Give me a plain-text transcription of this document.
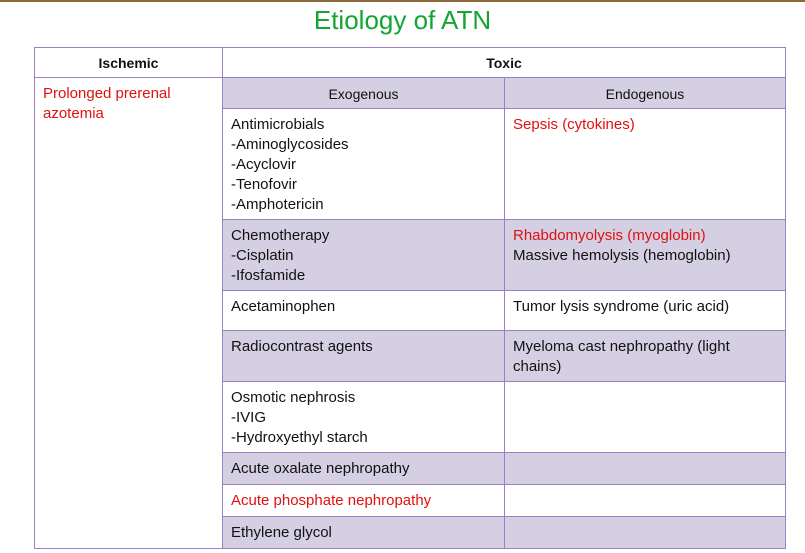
Etiology of ATN
Ischemic	Toxic	

Prolonged prerenal
azotemia	Exogenous	Endogenous

	Antimicrobials
-Aminoglycosides
-Acyclovir
-Tenofovir
-Amphotericin	Sepsis (cytokines)

	Chemotherapy
-Cisplatin
-Ifosfamide	Rhabdomyolysis (myoglobin)
Massive hemolysis (hemoglobin)

	Acetaminophen	Tumor lysis syndrome (uric acid)

	Radiocontrast agents	Myeloma cast nephropathy (light
chains)

	Osmotic nephrosis
-IVIG
-Hydroxyethyl starch	

	Acute oxalate nephropathy	

	Acute phosphate nephropathy	

	Ethylene glycol	
